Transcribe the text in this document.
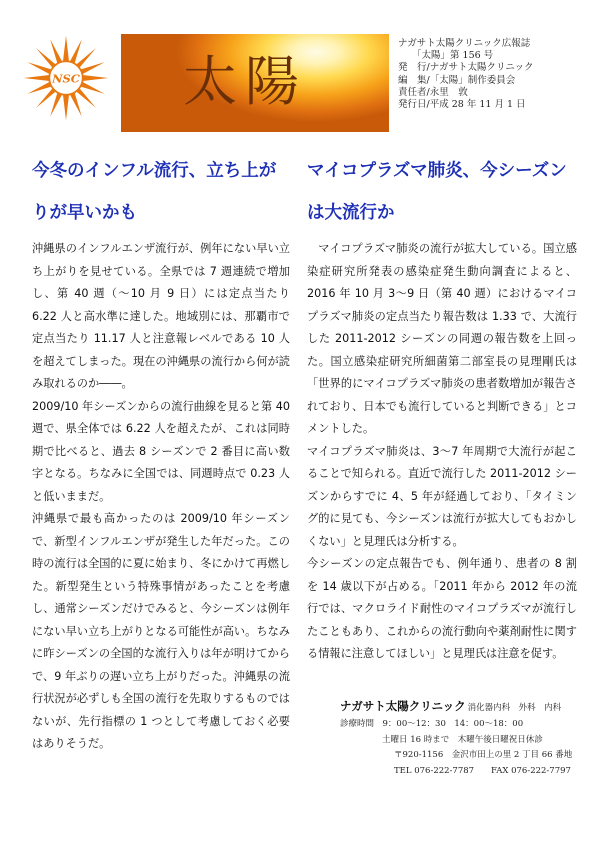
NSC 太陽
ナガサト太陽クリニック広報誌
「太陽」第 156 号
発　行/ナガサト太陽クリニック
編　集/「太陽」制作委員会
責任者/永里　敦
発行日/平成 28 年 11 月 1 日
今冬のインフル流行、立ち上がりが早いかも
マイコプラズマ肺炎、今シーズンは大流行か

沖縄県のインフルエンザ流行が、例年にない早い立ち上がりを見せている。全県では 7 週連続で増加し、第 40 週（～10 月 9 日）には定点当たり 6.22 人と高水準に達した。地域別には、那覇市で定点当たり 11.17 人と注意報レベルである 10 人を超えてしまった。現在の沖縄県の流行から何が読み取れるのか――。

2009/10 年シーズンからの流行曲線を見ると第 40 週で、県全体では 6.22 人を超えたが、これは同時期で比べると、過去 8 シーズンで 2 番目に高い数字となる。ちなみに全国では、同週時点で 0.23 人と低いままだ。

沖縄県で最も高かったのは 2009/10 年シーズンで、新型インフルエンザが発生した年だった。この時の流行は全国的に夏に始まり、冬にかけて再燃した。新型発生という特殊事情があったことを考慮し、通常シーズンだけでみると、今シーズンは例年にない早い立ち上がりとなる可能性が高い。ちなみに昨シーズンの全国的な流行入りは年が明けてからで、9 年ぶりの遅い立ち上がりだった。沖縄県の流行状況が必ずしも全国の流行を先取りするものではないが、先行指標の 1 つとして考慮しておく必要はありそうだ。

　マイコプラズマ肺炎の流行が拡大している。国立感染症研究所発表の感染症発生動向調査によると、2016 年 10 月 3～9 日（第 40 週）におけるマイコプラズマ肺炎の定点当たり報告数は 1.33 で、大流行した 2011-2012 シーズンの同週の報告数を上回った。国立感染症研究所細菌第二部室長の見理剛氏は「世界的にマイコプラズマ肺炎の患者数増加が報告されており、日本でも流行していると判断できる」とコメントした。

マイコプラズマ肺炎は、3～7 年周期で大流行が起こることで知られる。直近で流行した 2011-2012 シーズンからすでに 4、5 年が経過しており、「タイミング的に見ても、今シーズンは流行が拡大してもおかしくない」と見理氏は分析する。

今シーズンの定点報告でも、例年通り、患者の 8 割を 14 歳以下が占める。「2011 年から 2012 年の流行では、マクロライド耐性のマイコプラズマが流行したこともあり、これからの流行動向や薬剤耐性に関する情報に注意してほしい」と見理氏は注意を促す。

ナガサト太陽クリニック 消化器内科　外科　内科
診療時間　9：00～12：30　14：00～18：00
土曜日 16 時まで　木曜午後日曜祝日休診
〒920-1156　金沢市田上の里 2 丁目 66 番地
TEL 076-222-7787　　FAX 076-222-7797
